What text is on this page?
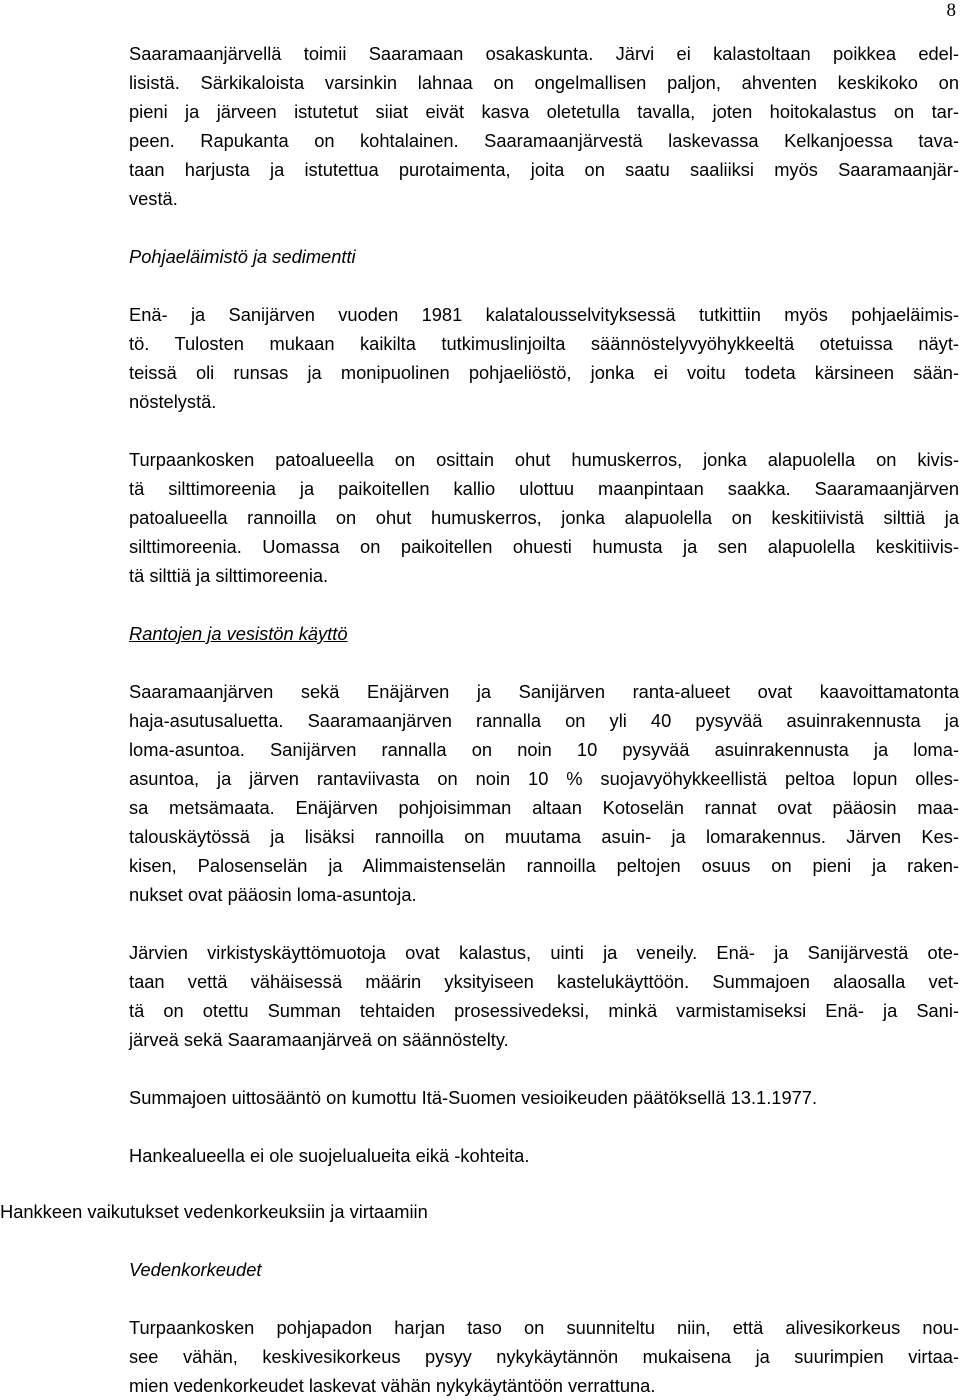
8
Saaramaanjärvellä toimii Saaramaan osakaskunta. Järvi ei kalastoltaan poikkea edel-
lisistä. Särkikaloista varsinkin lahnaa on ongelmallisen paljon, ahventen keskikoko on
pieni ja järveen istutetut siiat eivät kasva oletetulla tavalla, joten hoitokalastus on tar-
peen. Rapukanta on kohtalainen. Saaramaanjärvestä laskevassa Kelkanjoessa tava-
taan harjusta ja istutettua purotaimenta, joita on saatu saaliiksi myös Saaramaanjär-
vestä.
Pohjaeläimistö ja sedimentti
Enä- ja Sanijärven vuoden 1981 kalatalousselvityksessä tutkittiin myös pohjaeläimis-
tö. Tulosten mukaan kaikilta tutkimuslinjoilta säännöstelyvyöhykkeeltä otetuissa näyt-
teissä oli runsas ja monipuolinen pohjaeliöstö, jonka ei voitu todeta kärsineen sään-
nöstelystä.
Turpaankosken patoalueella on osittain ohut humuskerros, jonka alapuolella on kivis-
tä silttimoreenia ja paikoitellen kallio ulottuu maanpintaan saakka. Saaramaanjärven
patoalueella rannoilla on ohut humuskerros, jonka alapuolella on keskitiivistä silttiä ja
silttimoreenia. Uomassa on paikoitellen ohuesti humusta ja sen alapuolella keskitiivis-
tä silttiä ja silttimoreenia.
Rantojen ja vesistön käyttö
Saaramaanjärven sekä Enäjärven ja Sanijärven ranta-alueet ovat kaavoittamatonta
haja-asutusaluetta. Saaramaanjärven rannalla on yli 40 pysyvää asuinrakennusta ja
loma-asuntoa. Sanijärven rannalla on noin 10 pysyvää asuinrakennusta ja loma-
asuntoa, ja järven rantaviivasta on noin 10 % suojavyöhykkeellistä peltoa lopun olles-
sa metsämaata. Enäjärven pohjoisimman altaan Kotoselän rannat ovat pääosin maa-
talouskäytössä ja lisäksi rannoilla on muutama asuin- ja lomarakennus. Järven Kes-
kisen, Palosenselän ja Alimmaistenselän rannoilla peltojen osuus on pieni ja raken-
nukset ovat pääosin loma-asuntoja.
Järvien virkistyskäyttömuotoja ovat kalastus, uinti ja veneily. Enä- ja Sanijärvestä ote-
taan vettä vähäisessä määrin yksityiseen kastelukäyttöön. Summajoen alaosalla vet-
tä on otettu Summan tehtaiden prosessivedeksi, minkä varmistamiseksi Enä- ja Sani-
järveä sekä Saaramaanjärveä on säännöstelty.
Summajoen uittosääntö on kumottu Itä-Suomen vesioikeuden päätöksellä 13.1.1977.
Hankealueella ei ole suojelualueita eikä -kohteita.
Hankkeen vaikutukset vedenkorkeuksiin ja virtaamiin
Vedenkorkeudet
Turpaankosken pohjapadon harjan taso on suunniteltu niin, että alivesikorkeus nou-
see vähän, keskivesikorkeus pysyy nykykäytännön mukaisena ja suurimpien virtaa-
mien vedenkorkeudet laskevat vähän nykykäytäntöön verrattuna.
